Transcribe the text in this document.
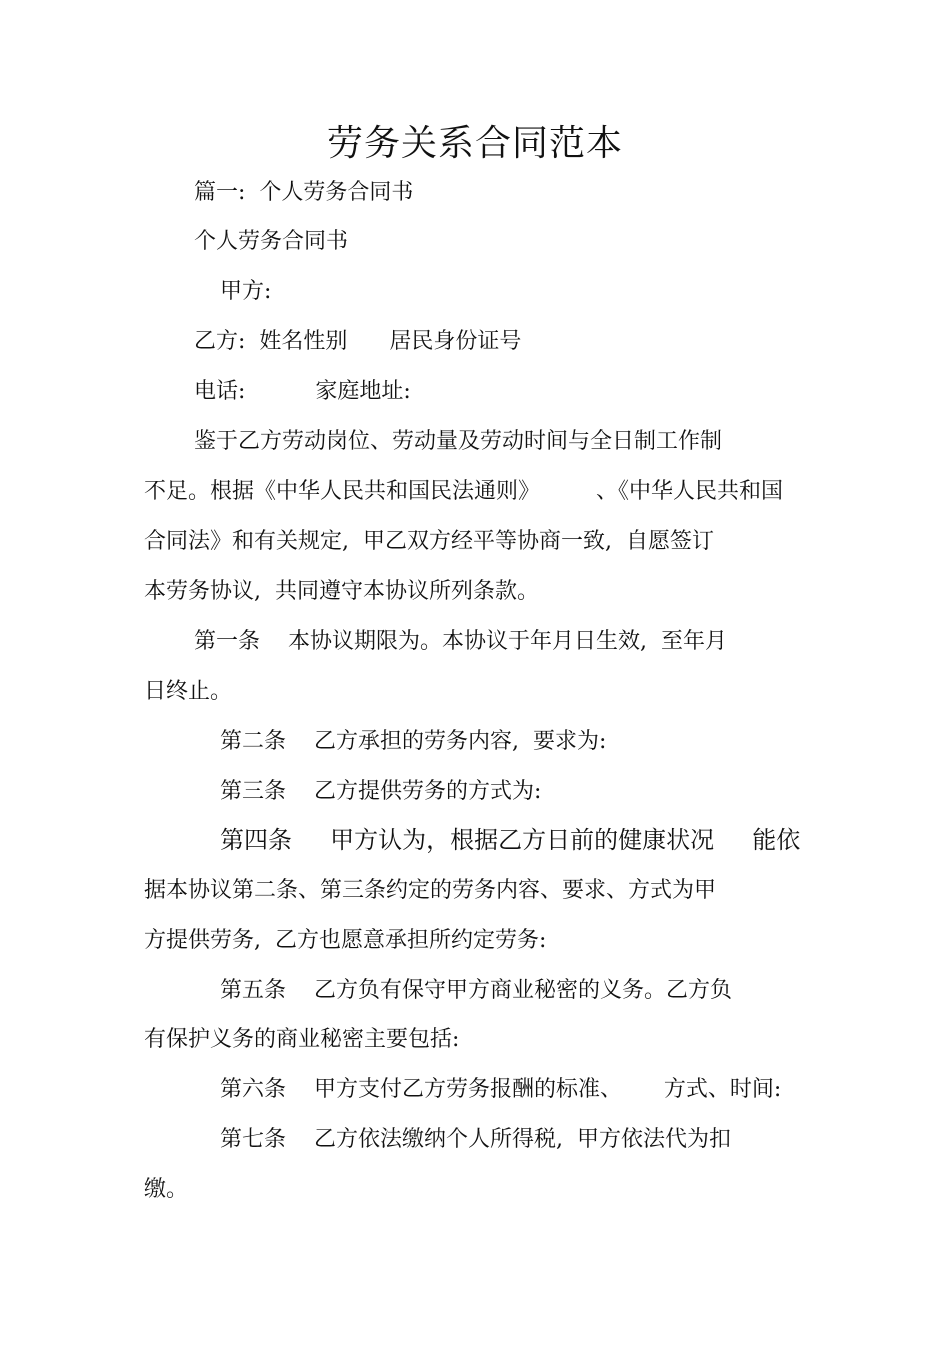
劳务关系合同范本
篇一:  个人劳务合同书
个人劳务合同书
甲方:
乙方:  姓名性别      居民身份证号
电话:          家庭地址:
鉴于乙方劳动岗位、劳动量及劳动时间与全日制工作制
不足。根据《中华人民共和国民法通则》        、《中华人民共和国
合同法》和有关规定,  甲乙双方经平等协商一致,  自愿签订
本劳务协议,  共同遵守本协议所列条款。
第一条    本协议期限为。本协议于年月日生效,  至年月
日终止。
第二条    乙方承担的劳务内容,  要求为:
第三条    乙方提供劳务的方式为:
第四条     甲方认为，根据乙方日前的健康状况     能依
据本协议第二条、第三条约定的劳务内容、要求、方式为甲
方提供劳务,  乙方也愿意承担所约定劳务:
第五条    乙方负有保守甲方商业秘密的义务。乙方负
有保护义务的商业秘密主要包括:
第六条    甲方支付乙方劳务报酬的标准、      方式、时间:
第七条    乙方依法缴纳个人所得税,  甲方依法代为扣
缴。
